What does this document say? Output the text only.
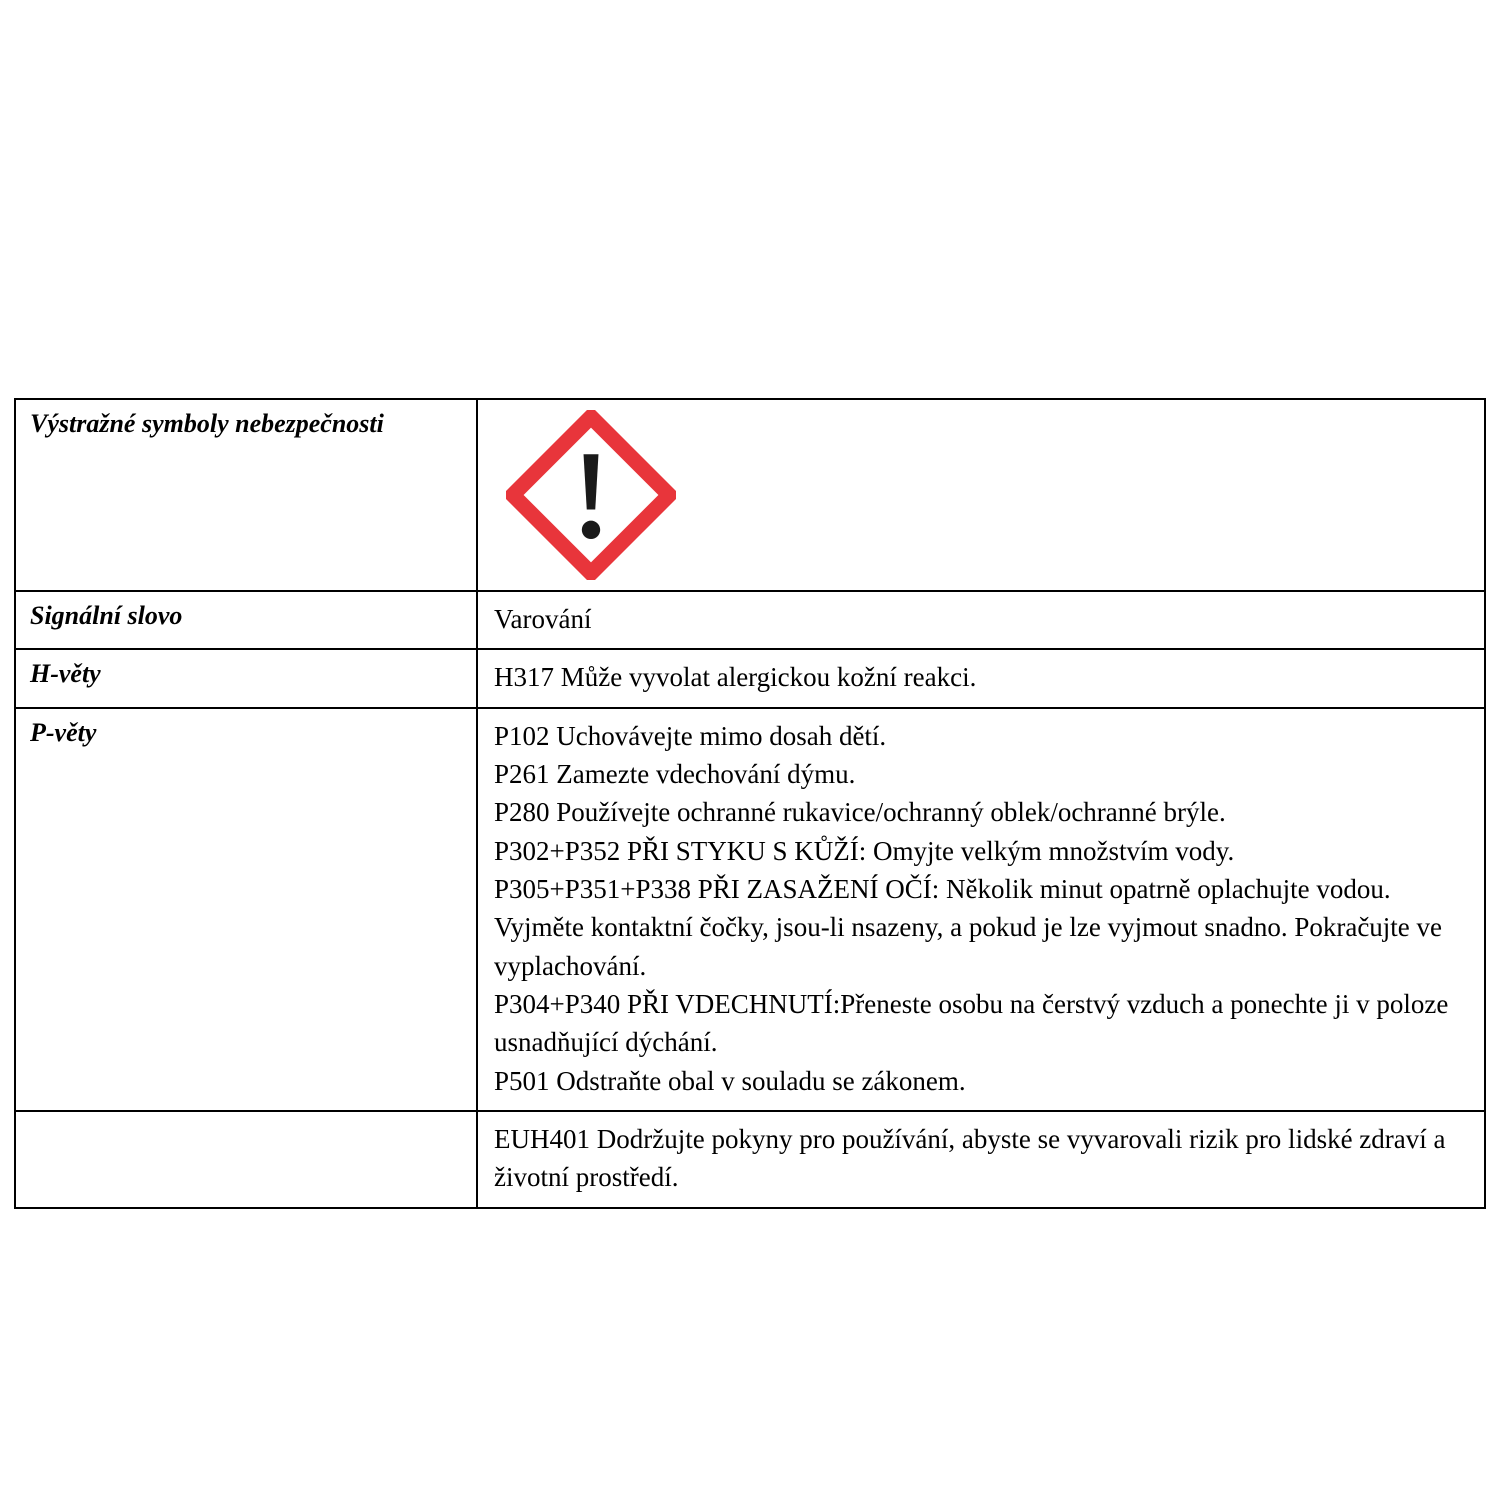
Výstražné symboly nebezpečnosti

Signální slovo	Varování

H-věty	H317 Může vyvolat alergickou kožní reakci.

P-věty	P102 Uchovávejte mimo dosah dětí.

P261 Zamezte vdechování dýmu.

P280 Používejte ochranné rukavice/ochranný oblek/ochranné brýle.

P302+P352 PŘI STYKU S KŮŽÍ: Omyjte velkým množstvím vody.

P305+P351+P338 PŘI ZASAŽENÍ OČÍ: Několik minut opatrně oplachujte vodou. Vyjměte kontaktní čočky, jsou-li nsazeny, a pokud je lze vyjmout snadno. Pokračujte ve vyplachování.

P304+P340 PŘI VDECHNUTÍ:Přeneste osobu na čerstvý vzduch a ponechte ji v poloze usnadňující dýchání.

P501 Odstraňte obal v souladu se zákonem.

	EUH401 Dodržujte pokyny pro používání, abyste se vyvarovali rizik pro lidské zdraví a životní prostředí.
